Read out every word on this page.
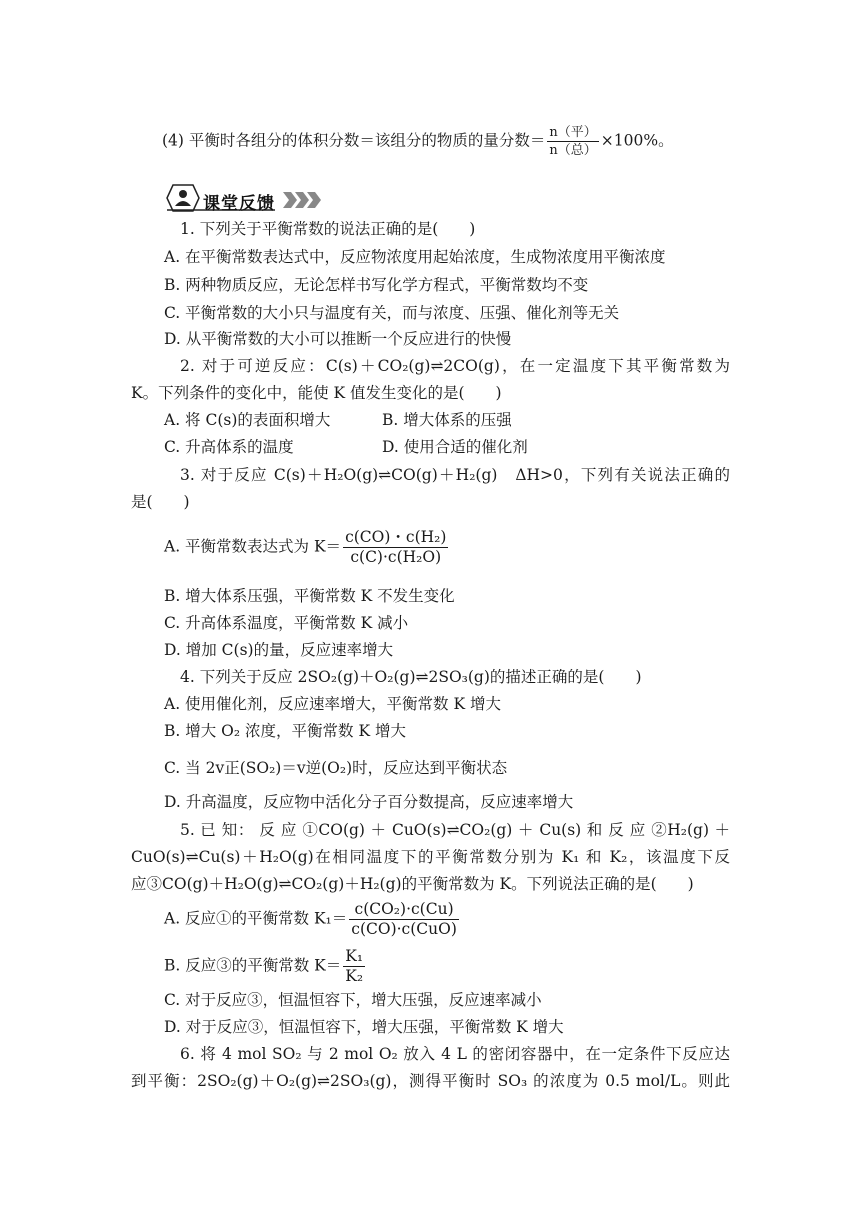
(4) 平衡时各组分的体积分数＝该组分的物质的量分数＝ $\frac{\text{n（平）}}{\text{n（总）}} \times 100\%$。
课堂反馈
1. 下列关于平衡常数的说法正确的是(　　)
A. 在平衡常数表达式中，反应物浓度用起始浓度，生成物浓度用平衡浓度
B. 两种物质反应，无论怎样书写化学方程式，平衡常数均不变
C. 平衡常数的大小只与温度有关，而与浓度、压强、催化剂等无关
D. 从平衡常数的大小可以推断一个反应进行的快慢
2. 对于可逆反应：C(s)＋CO₂(g)⇌2CO(g)，在一定温度下其平衡常数为
K。下列条件的变化中，能使 K 值发生变化的是(　　)
A. 将 C(s)的表面积增大	B. 增大体系的压强
C. 升高体系的温度	D. 使用合适的催化剂
3. 对于反应 C(s)＋H₂O(g)⇌CO(g)＋H₂(g)　ΔH>0，下列有关说法正确的
是(　　)
A. 平衡常数表达式为 $K= \frac{\text{c(CO)・c(H₂)}}{\text{c(C)·c(H₂O)}}$
B. 增大体系压强，平衡常数 K 不发生变化
C. 升高体系温度，平衡常数 K 减小
D. 增加 C(s)的量，反应速率增大
4. 下列关于反应 2SO₂(g)＋O₂(g)⇌2SO₃(g)的描述正确的是(　　)
A. 使用催化剂，反应速率增大，平衡常数 K 增大
B. 增大 O₂ 浓度，平衡常数 K 增大
C. 当 2v正(SO₂)＝v逆(O₂)时，反应达到平衡状态
D. 升高温度，反应物中活化分子百分数提高，反应速率增大
5. 已 知： 反 应 ①CO(g) ＋ CuO(s)⇌CO₂(g) ＋ Cu(s) 和 反 应 ②H₂(g) ＋
CuO(s)⇌Cu(s)＋H₂O(g)在相同温度下的平衡常数分别为 K₁ 和 K₂，该温度下反
应③CO(g)＋H₂O(g)⇌CO₂(g)＋H₂(g)的平衡常数为 K。下列说法正确的是(　　)
A. 反应①的平衡常数 $K_1= \frac{\text{c(CO₂)·c(Cu)}}{\text{c(CO)·c(CuO)}}$
B. 反应③的平衡常数 $K= \frac{\text{K₁}}{\text{K₂}}$
C. 对于反应③，恒温恒容下，增大压强，反应速率减小
D. 对于反应③，恒温恒容下，增大压强，平衡常数 K 增大
6. 将 4 mol SO₂ 与 2 mol O₂ 放入 4 L 的密闭容器中，在一定条件下反应达
到平衡：2SO₂(g)＋O₂(g)⇌2SO₃(g)，测得平衡时 SO₃ 的浓度为 0.5 mol/L。则此
